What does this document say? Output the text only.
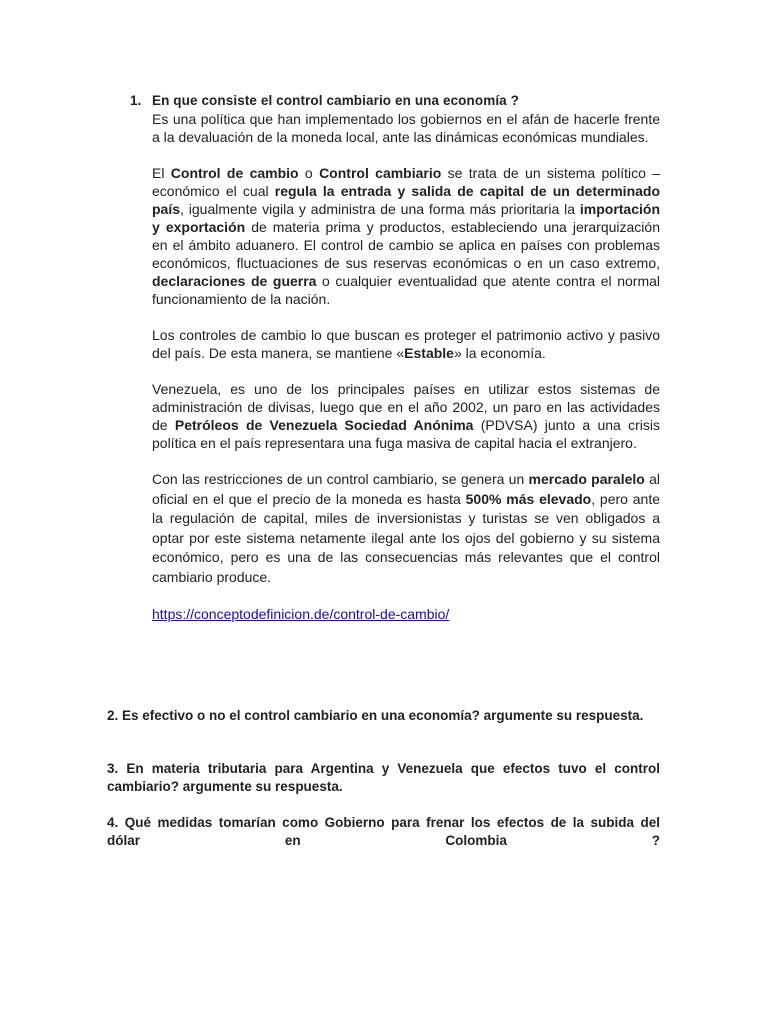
1. En que consiste el control cambiario en una economía ?

Es una política que han implementado los gobiernos en el afán de hacerle frente a la devaluación de la moneda local, ante las dinámicas económicas mundiales.

El Control de cambio o Control cambiario se trata de un sistema político – económico el cual regula la entrada y salida de capital de un determinado país, igualmente vigila y administra de una forma más prioritaria la importación y exportación de materia prima y productos, estableciendo una jerarquización en el ámbito aduanero. El control de cambio se aplica en países con problemas económicos, fluctuaciones de sus reservas económicas o en un caso extremo, declaraciones de guerra o cualquier eventualidad que atente contra el normal funcionamiento de la nación.

Los controles de cambio lo que buscan es proteger el patrimonio activo y pasivo del país. De esta manera, se mantiene «Estable» la economía.

Venezuela, es uno de los principales países en utilizar estos sistemas de administración de divisas, luego que en el año 2002, un paro en las actividades de Petróleos de Venezuela Sociedad Anónima (PDVSA) junto a una crisis política en el país representara una fuga masiva de capital hacia el extranjero.

Con las restricciones de un control cambiario, se genera un mercado paralelo al oficial en el que el precio de la moneda es hasta 500% más elevado, pero ante la regulación de capital, miles de inversionistas y turistas se ven obligados a optar por este sistema netamente ilegal ante los ojos del gobierno y su sistema económico, pero es una de las consecuencias más relevantes que el control cambiario produce.

https://conceptodefinicion.de/control-de-cambio/
2. Es efectivo o no el control cambiario en una economía? argumente su respuesta.
3. En materia tributaria para Argentina y Venezuela que efectos tuvo el control cambiario? argumente su respuesta.
4. Qué medidas tomarían como Gobierno para frenar los efectos de la subida del dólar en Colombia ?
